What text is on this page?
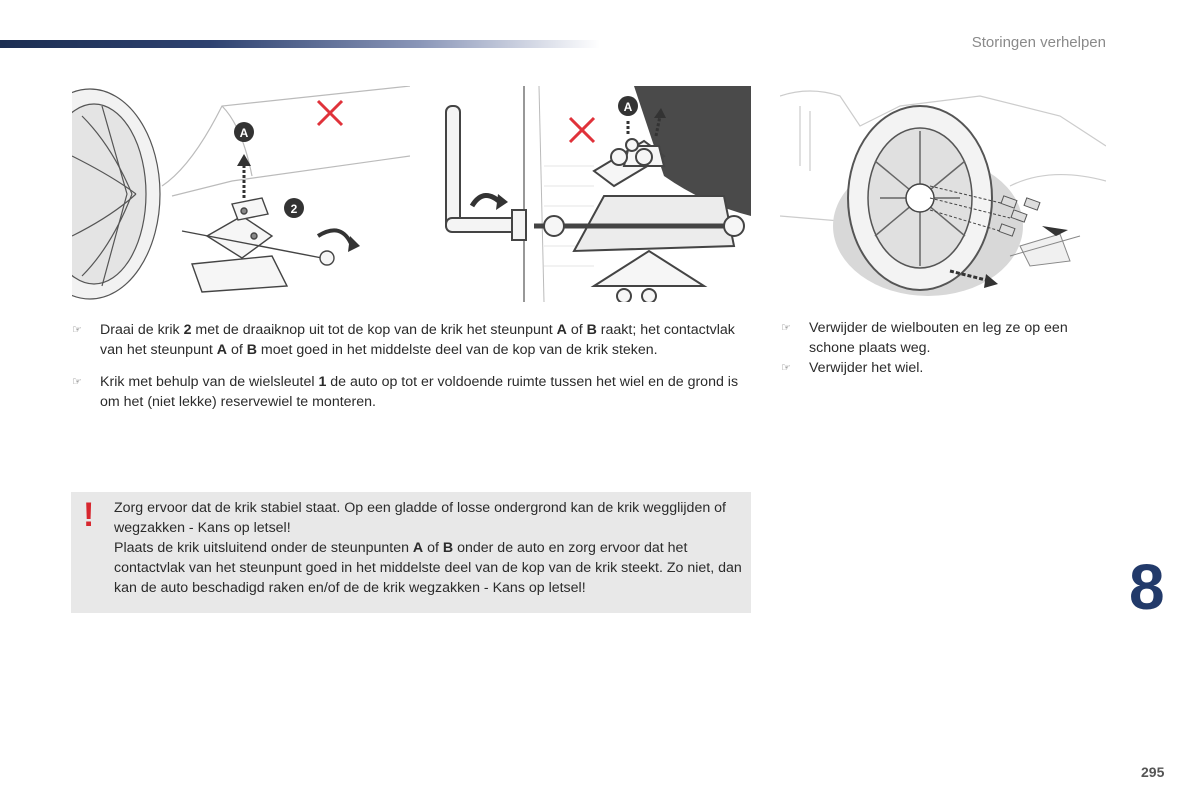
Storingen verhelpen
A
2
A
☞ Draai de krik 2 met de draaiknop uit tot de kop van de krik het steunpunt A of B raakt; het contactvlak van het steunpunt A of B moet goed in het middelste deel van de kop van de krik steken.
☞ Krik met behulp van de wielsleutel 1 de auto op tot er voldoende ruimte tussen het wiel en de grond is om het (niet lekke) reservewiel te monteren.
☞ Verwijder de wielbouten en leg ze op een schone plaats weg.
☞ Verwijder het wiel.
! Zorg ervoor dat de krik stabiel staat. Op een gladde of losse ondergrond kan de krik wegglijden of wegzakken - Kans op letsel!
Plaats de krik uitsluitend onder de steunpunten A of B onder de auto en zorg ervoor dat het contactvlak van het steunpunt goed in het middelste deel van de kop van de krik steekt. Zo niet, dan kan de auto beschadigd raken en/of de de krik wegzakken - Kans op letsel!	8
295
